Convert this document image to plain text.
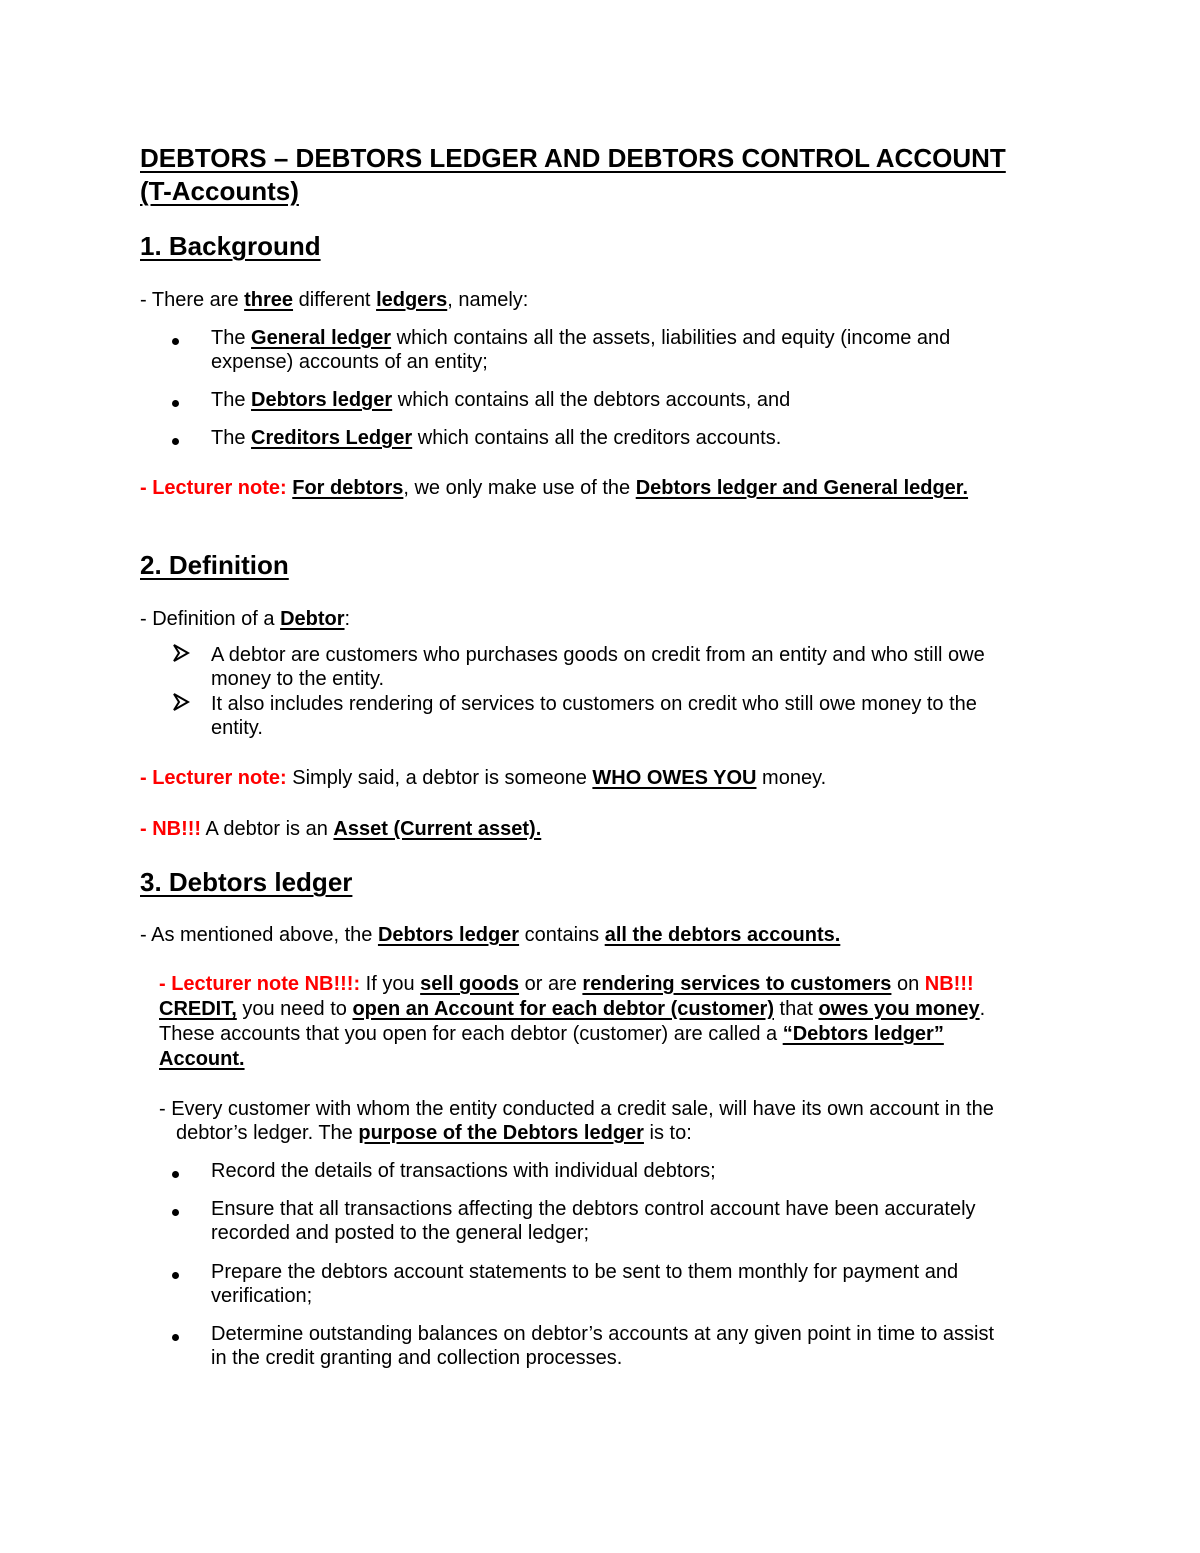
DEBTORS – DEBTORS LEDGER AND DEBTORS CONTROL ACCOUNT
(T-Accounts)
1. Background
- There are three different ledgers, namely:
The General ledger which contains all the assets, liabilities and equity (income and
expense) accounts of an entity;
The Debtors ledger which contains all the debtors accounts, and
The Creditors Ledger which contains all the creditors accounts.
- Lecturer note: For debtors, we only make use of the Debtors ledger and General ledger.
2. Definition
- Definition of a Debtor:
A debtor are customers who purchases goods on credit from an entity and who still owe
money to the entity.
It also includes rendering of services to customers on credit who still owe money to the
entity.
- Lecturer note: Simply said, a debtor is someone WHO OWES YOU money.
- NB!!! A debtor is an Asset (Current asset).
3. Debtors ledger
- As mentioned above, the Debtors ledger contains all the debtors accounts.
- Lecturer note NB!!!: If you sell goods or are rendering services to customers on NB!!!
CREDIT, you need to open an Account for each debtor (customer) that owes you money.
These accounts that you open for each debtor (customer) are called a “Debtors ledger”
Account.
- Every customer with whom the entity conducted a credit sale, will have its own account in the
debtor’s ledger. The purpose of the Debtors ledger is to:
Record the details of transactions with individual debtors;
Ensure that all transactions affecting the debtors control account have been accurately
recorded and posted to the general ledger;
Prepare the debtors account statements to be sent to them monthly for payment and
verification;
Determine outstanding balances on debtor’s accounts at any given point in time to assist
in the credit granting and collection processes.
